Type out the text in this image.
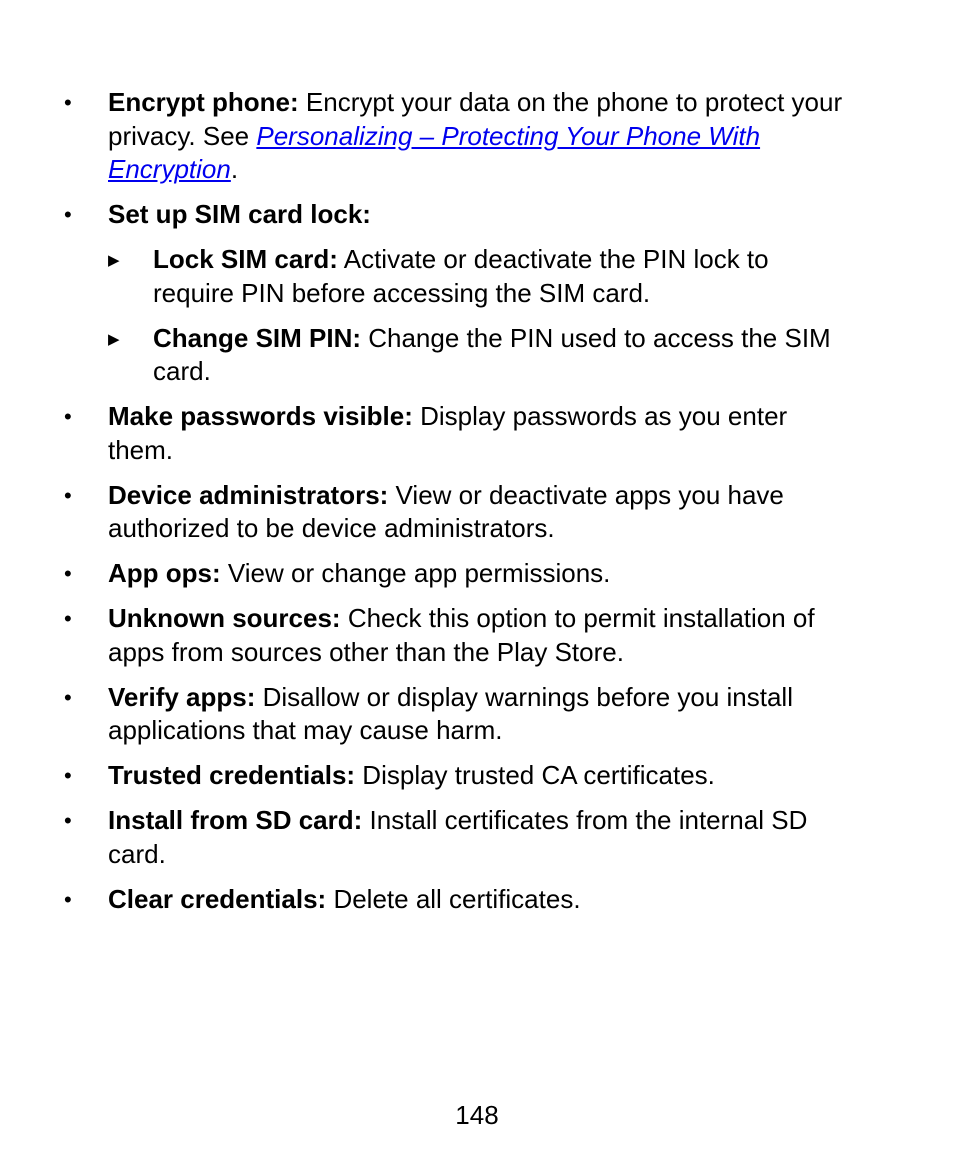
• Encrypt phone: Encrypt your data on the phone to protect your privacy. See Personalizing – Protecting Your Phone With Encryption.
• Set up SIM card lock:
▶ Lock SIM card: Activate or deactivate the PIN lock to require PIN before accessing the SIM card.
▶ Change SIM PIN: Change the PIN used to access the SIM card.
• Make passwords visible: Display passwords as you enter them.
• Device administrators: View or deactivate apps you have authorized to be device administrators.
• App ops: View or change app permissions.
• Unknown sources: Check this option to permit installation of apps from sources other than the Play Store.
• Verify apps: Disallow or display warnings before you install applications that may cause harm.
• Trusted credentials: Display trusted CA certificates.
• Install from SD card: Install certificates from the internal SD card.
• Clear credentials: Delete all certificates.
148
